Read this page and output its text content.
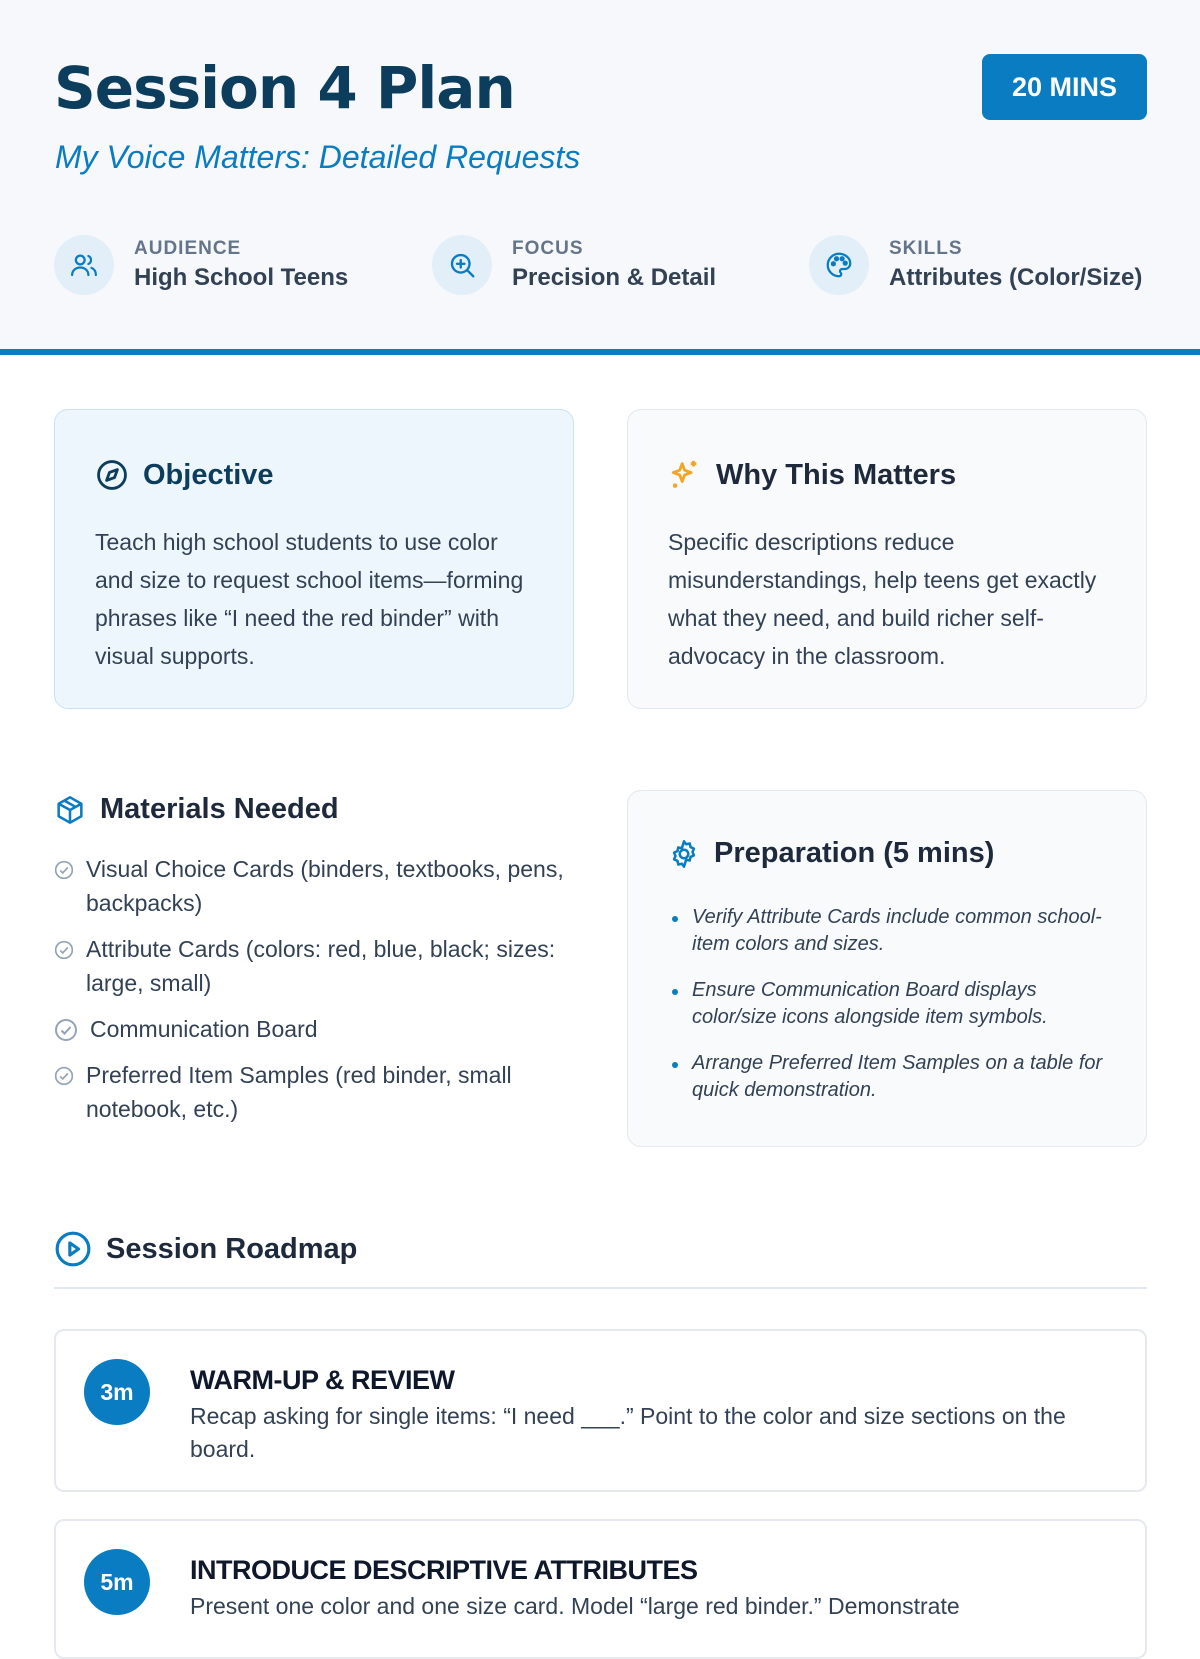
Session 4 Plan
My Voice Matters: Detailed Requests
20 MINS
AUDIENCE
High School Teens
FOCUS
Precision & Detail
SKILLS
Attributes (Color/Size)
Objective

Teach high school students to use color and size to request school items—forming phrases like “I need the red binder” with visual supports.

Why This Matters

Specific descriptions reduce misunderstandings, help teens get exactly what they need, and build richer self-advocacy in the classroom.

Materials Needed
Visual Choice Cards (binders, textbooks, pens, backpacks)
Attribute Cards (colors: red, blue, black; sizes: large, small)
Communication Board
Preferred Item Samples (red binder, small notebook, etc.)
Preparation (5 mins)
Verify Attribute Cards include common school-item colors and sizes.
Ensure Communication Board displays color/size icons alongside item symbols.
Arrange Preferred Item Samples on a table for quick demonstration.
Session Roadmap
3m	WARM-UP & REVIEW
Recap asking for single items: “I need ___.” Point to the color and size sections on the board.
5m	INTRODUCE DESCRIPTIVE ATTRIBUTES
Present one color and one size card. Model “large red binder.” Demonstrate
